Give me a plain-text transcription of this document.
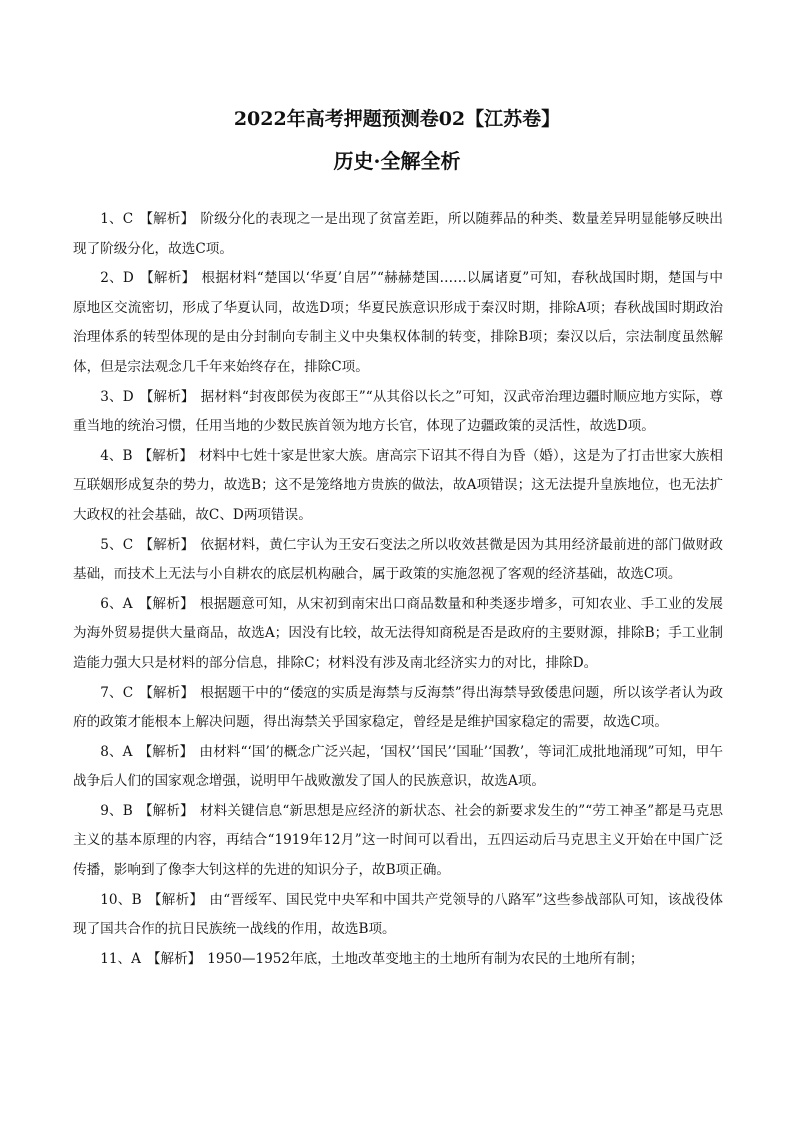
2022年高考押题预测卷02【江苏卷】
历史·全解全析

1、C 【解析】 阶级分化的表现之一是出现了贫富差距，所以随葬品的种类、数量差异明显能够反映出现了阶级分化，故选C项。

2、D 【解析】 根据材料“楚国以‘华夏’自居”“赫赫楚国……以属诸夏”可知，春秋战国时期，楚国与中原地区交流密切，形成了华夏认同，故选D项；华夏民族意识形成于秦汉时期，排除A项；春秋战国时期政治治理体系的转型体现的是由分封制向专制主义中央集权体制的转变，排除B项；秦汉以后，宗法制度虽然解体，但是宗法观念几千年来始终存在，排除C项。

3、D 【解析】 据材料“封夜郎侯为夜郎王”“从其俗以长之”可知，汉武帝治理边疆时顺应地方实际，尊重当地的统治习惯，任用当地的少数民族首领为地方长官，体现了边疆政策的灵活性，故选D项。

4、B 【解析】 材料中七姓十家是世家大族。唐高宗下诏其不得自为昏（婚），这是为了打击世家大族相互联姻形成复杂的势力，故选B；这不是笼络地方贵族的做法，故A项错误；这无法提升皇族地位，也无法扩大政权的社会基础，故C、D两项错误。

5、C 【解析】 依据材料，黄仁宇认为王安石变法之所以收效甚微是因为其用经济最前进的部门做财政基础，而技术上无法与小自耕农的底层机构融合，属于政策的实施忽视了客观的经济基础，故选C项。

6、A 【解析】 根据题意可知，从宋初到南宋出口商品数量和种类逐步增多，可知农业、手工业的发展为海外贸易提供大量商品，故选A；因没有比较，故无法得知商税是否是政府的主要财源，排除B；手工业制造能力强大只是材料的部分信息，排除C；材料没有涉及南北经济实力的对比，排除D。

7、C 【解析】 根据题干中的“倭寇的实质是海禁与反海禁”得出海禁导致倭患问题，所以该学者认为政府的政策才能根本上解决问题，得出海禁关乎国家稳定，曾经是是维护国家稳定的需要，故选C项。

8、A 【解析】 由材料“‘国’的概念广泛兴起，‘国权’‘国民’‘国耻’‘国教’，等词汇成批地涌现”可知，甲午战争后人们的国家观念增强，说明甲午战败激发了国人的民族意识，故选A项。

9、B 【解析】 材料关键信息“新思想是应经济的新状态、社会的新要求发生的”“劳工神圣”都是马克思主义的基本原理的内容，再结合“1919年12月”这一时间可以看出，五四运动后马克思主义开始在中国广泛传播，影响到了像李大钊这样的先进的知识分子，故B项正确。

10、B 【解析】 由“晋绥军、国民党中央军和中国共产党领导的八路军”这些参战部队可知，该战役体现了国共合作的抗日民族统一战线的作用，故选B项。

11、A 【解析】 1950—1952年底，土地改革变地主的土地所有制为农民的土地所有制；
